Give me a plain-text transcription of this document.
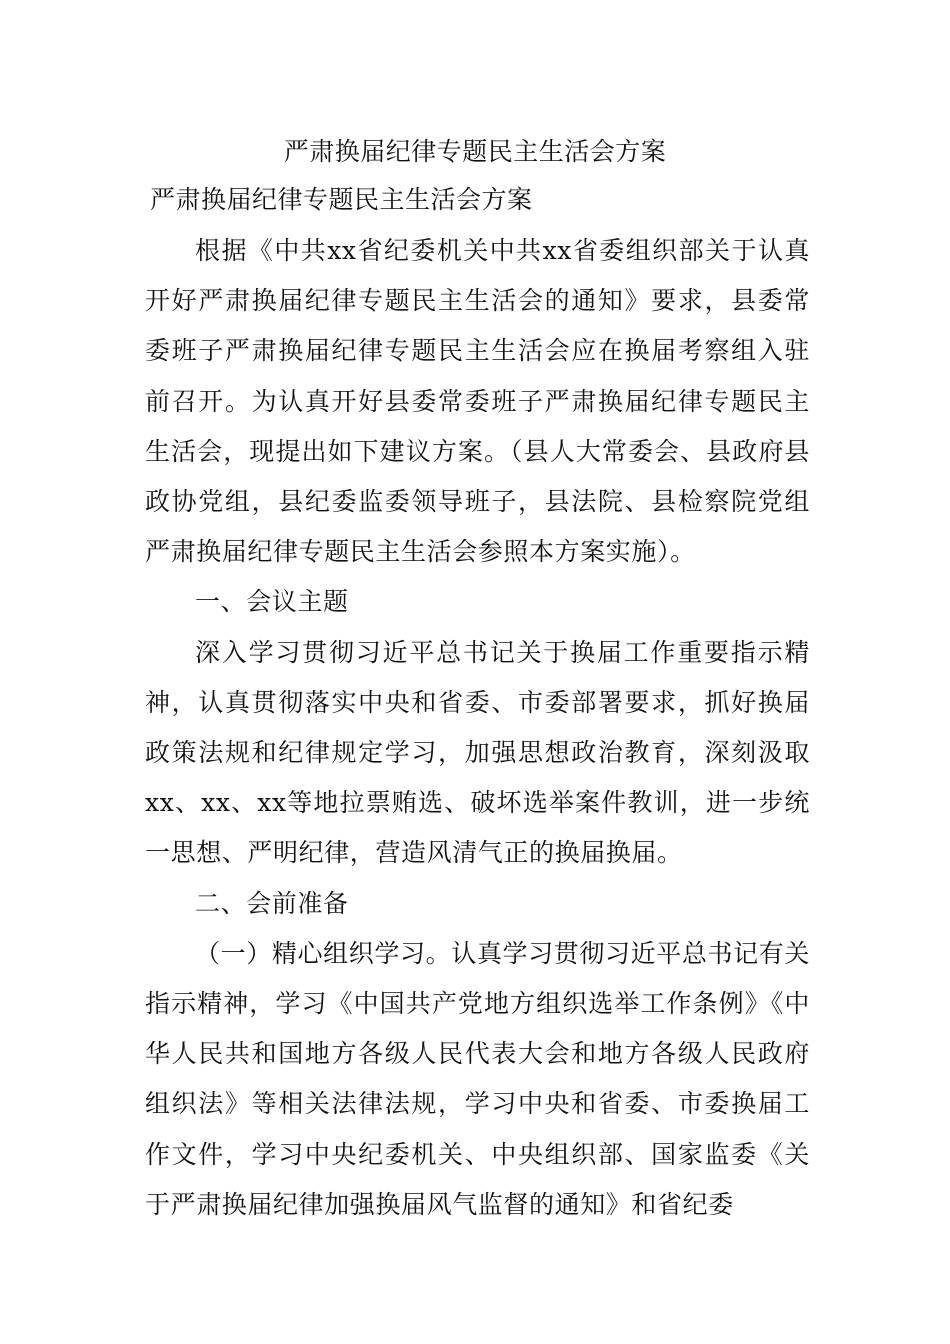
严肃换届纪律专题民主生活会方案
严肃换届纪律专题民主生活会方案

根据《中共xx省纪委机关中共xx省委组织部关于认真开好严肃换届纪律专题民主生活会的通知》要求，县委常委班子严肃换届纪律专题民主生活会应在换届考察组入驻前召开。为认真开好县委常委班子严肃换届纪律专题民主生活会，现提出如下建议方案。（县人大常委会、县政府县政协党组，县纪委监委领导班子，县法院、县检察院党组严肃换届纪律专题民主生活会参照本方案实施）。

一、会议主题

深入学习贯彻习近平总书记关于换届工作重要指示精神，认真贯彻落实中央和省委、市委部署要求，抓好换届政策法规和纪律规定学习，加强思想政治教育，深刻汲取xx、xx、xx等地拉票贿选、破坏选举案件教训，进一步统一思想、严明纪律，营造风清气正的换届换届。

二、会前准备

（一）精心组织学习。认真学习贯彻习近平总书记有关指示精神，学习《中国共产党地方组织选举工作条例》《中华人民共和国地方各级人民代表大会和地方各级人民政府组织法》等相关法律法规，学习中央和省委、市委换届工作文件，学习中央纪委机关、中央组织部、国家监委《关于严肃换届纪律加强换届风气监督的通知》和省纪委
